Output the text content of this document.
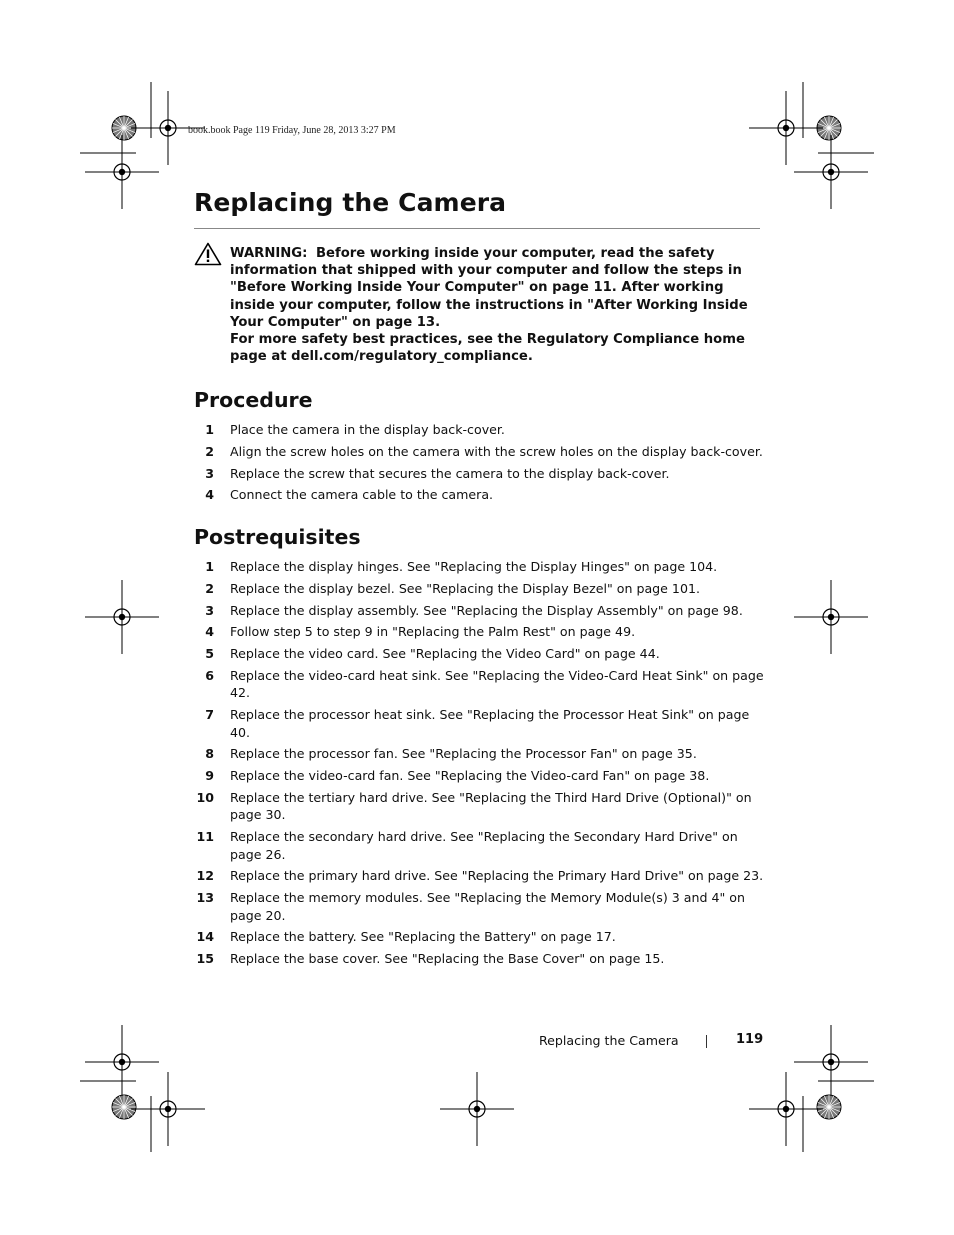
book.book Page 119 Friday, June 28, 2013 3:27 PM
Replacing the Camera

WARNING: Before working inside your computer, read the safety information that shipped with your computer and follow the steps in "Before Working Inside Your Computer" on page 11. After working inside your computer, follow the instructions in "After Working Inside Your Computer" on page 13.

For more safety best practices, see the Regulatory Compliance home page at dell.com/regulatory_compliance.

Procedure
1 Place the camera in the display back-cover.
2 Align the screw holes on the camera with the screw holes on the display back-cover.
3 Replace the screw that secures the camera to the display back-cover.
4 Connect the camera cable to the camera.
Postrequisites
1 Replace the display hinges. See "Replacing the Display Hinges" on page 104.
2 Replace the display bezel. See "Replacing the Display Bezel" on page 101.
3 Replace the display assembly. See "Replacing the Display Assembly" on page 98.
4 Follow step 5 to step 9 in "Replacing the Palm Rest" on page 49.
5 Replace the video card. See "Replacing the Video Card" on page 44.
6 Replace the video-card heat sink. See "Replacing the Video-Card Heat Sink" on page 42.
7 Replace the processor heat sink. See "Replacing the Processor Heat Sink" on page 40.
8 Replace the processor fan. See "Replacing the Processor Fan" on page 35.
9 Replace the video-card fan. See "Replacing the Video-card Fan" on page 38.
10 Replace the tertiary hard drive. See "Replacing the Third Hard Drive (Optional)" on page 30.
11 Replace the secondary hard drive. See "Replacing the Secondary Hard Drive" on page 26.
12 Replace the primary hard drive. See "Replacing the Primary Hard Drive" on page 23.
13 Replace the memory modules. See "Replacing the Memory Module(s) 3 and 4" on page 20.
14 Replace the battery. See "Replacing the Battery" on page 17.
15 Replace the base cover. See "Replacing the Base Cover" on page 15.
Replacing the Camera	119
